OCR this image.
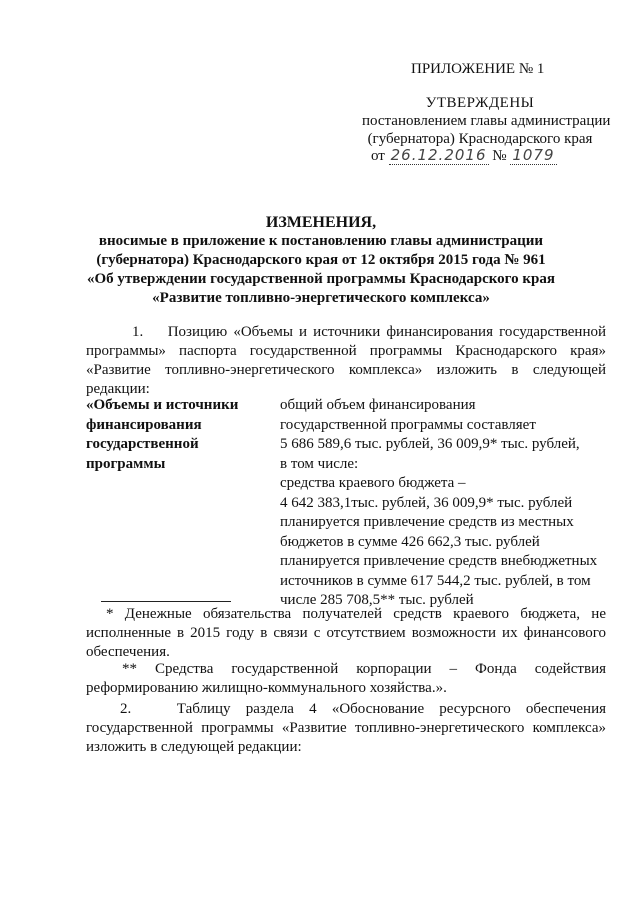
ПРИЛОЖЕНИЕ № 1
УТВЕРЖДЕНЫ
постановлением главы администрации
(губернатора) Краснодарского края
от 26.12.2016 № 1079
ИЗМЕНЕНИЯ,
вносимые в приложение к постановлению главы администрации
(губернатора) Краснодарского края от 12 октября 2015 года № 961
«Об утверждении государственной программы Краснодарского края
«Развитие топливно-энергетического комплекса»
1. Позицию «Объемы и источники финансирования государственной программы» паспорта государственной программы Краснодарского края» «Развитие топливно-энергетического комплекса» изложить в следующей редакции:
«Объемы и источники
финансирования
государственной
программы
общий объем финансирования
государственной программы составляет
5 686 589,6 тыс. рублей, 36 009,9* тыс. рублей,
в том числе:
средства краевого бюджета –
4 642 383,1тыс. рублей, 36 009,9* тыс. рублей
планируется привлечение средств из местных
бюджетов в сумме 426 662,3 тыс. рублей
планируется привлечение средств внебюджетных
источников в сумме 617 544,2 тыс. рублей, в том
числе 285 708,5** тыс. рублей
* Денежные обязательства получателей средств краевого бюджета, не исполненные в 2015 году в связи с отсутствием возможности их финансового обеспечения.
** Средства государственной корпорации – Фонда содействия реформированию жилищно-коммунального хозяйства.».
2.	Таблицу раздела 4 «Обоснование ресурсного обеспечения государственной программы «Развитие топливно-энергетического комплекса» изложить в следующей редакции:
